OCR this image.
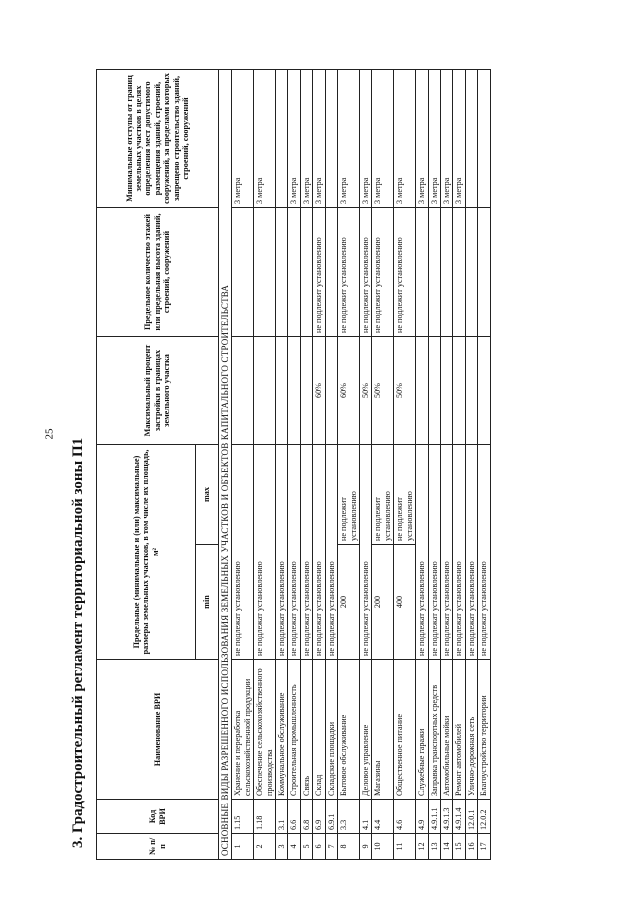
25
3. Градостроительный регламент территориальной зоны П1	№ п/п	Код ВРИ	Наименование ВРИ	Предельные (минимальные и (или) максимальные) размеры земельных участков, в том числе их площадь, м²		Максимальный процент застройки в границах земельного участка	Предельное количество этажей или предельная высота зданий, строений, сооружений	Минимальные отступы от границ земельных участков в целях определения мест допустимого размещения зданий, строений, сооружений, за пределами которых запрещено строительство зданий, строений, сооружений
			min	max			
ОСНОВНЫЕ ВИДЫ РАЗРЕШЕННОГО ИСПОЛЬЗОВАНИЯ ЗЕМЕЛЬНЫХ УЧАСТКОВ И ОБЪЕКТОВ КАПИТАЛЬНОГО СТРОИТЕЛЬСТВА							
1	1.15	Хранение и переработка сельскохозяйственной продукции	не подлежат установлению				3 метра
2	1.18	Обеспечение сельскохозяйственного производства	не подлежат установлению				3 метра
3	3.1	Коммунальное обслуживание	не подлежат установлению				
4	6.6	Строительная промышленность	не подлежат установлению				3 метра
5	6.8	Связь	не подлежат установлению				3 метра
6	6.9	Склад	не подлежат установлению		60%	не подлежит установлению	3 метра
7	6.9.1	Складские площадки	не подлежат установлению				
8	3.3	Бытовое обслуживание	200	не подлежит установлению	60%	не подлежит установлению	3 метра
9	4.1	Деловое управление	не подлежат установлению		50%	не подлежит установлению	3 метра
10	4.4	Магазины	200	не подлежит установлению	50%	не подлежит установлению	3 метра
11	4.6	Общественное питание	400	не подлежит установлению	50%	не подлежит установлению	3 метра
12	4.9	Служебные гаражи	не подлежат установлению				3 метра
13	4.9.1.1	Заправка транспортных средств	не подлежат установлению				3 метра
14	4.9.1.3	Автомобильные мойки	не подлежат установлению				3 метра
15	4.9.1.4	Ремонт автомобилей	не подлежат установлению				3 метра
16	12.0.1	Улично-дорожная сеть	не подлежат установлению				
17	12.0.2	Благоустройство территории	не подлежат установлению				
